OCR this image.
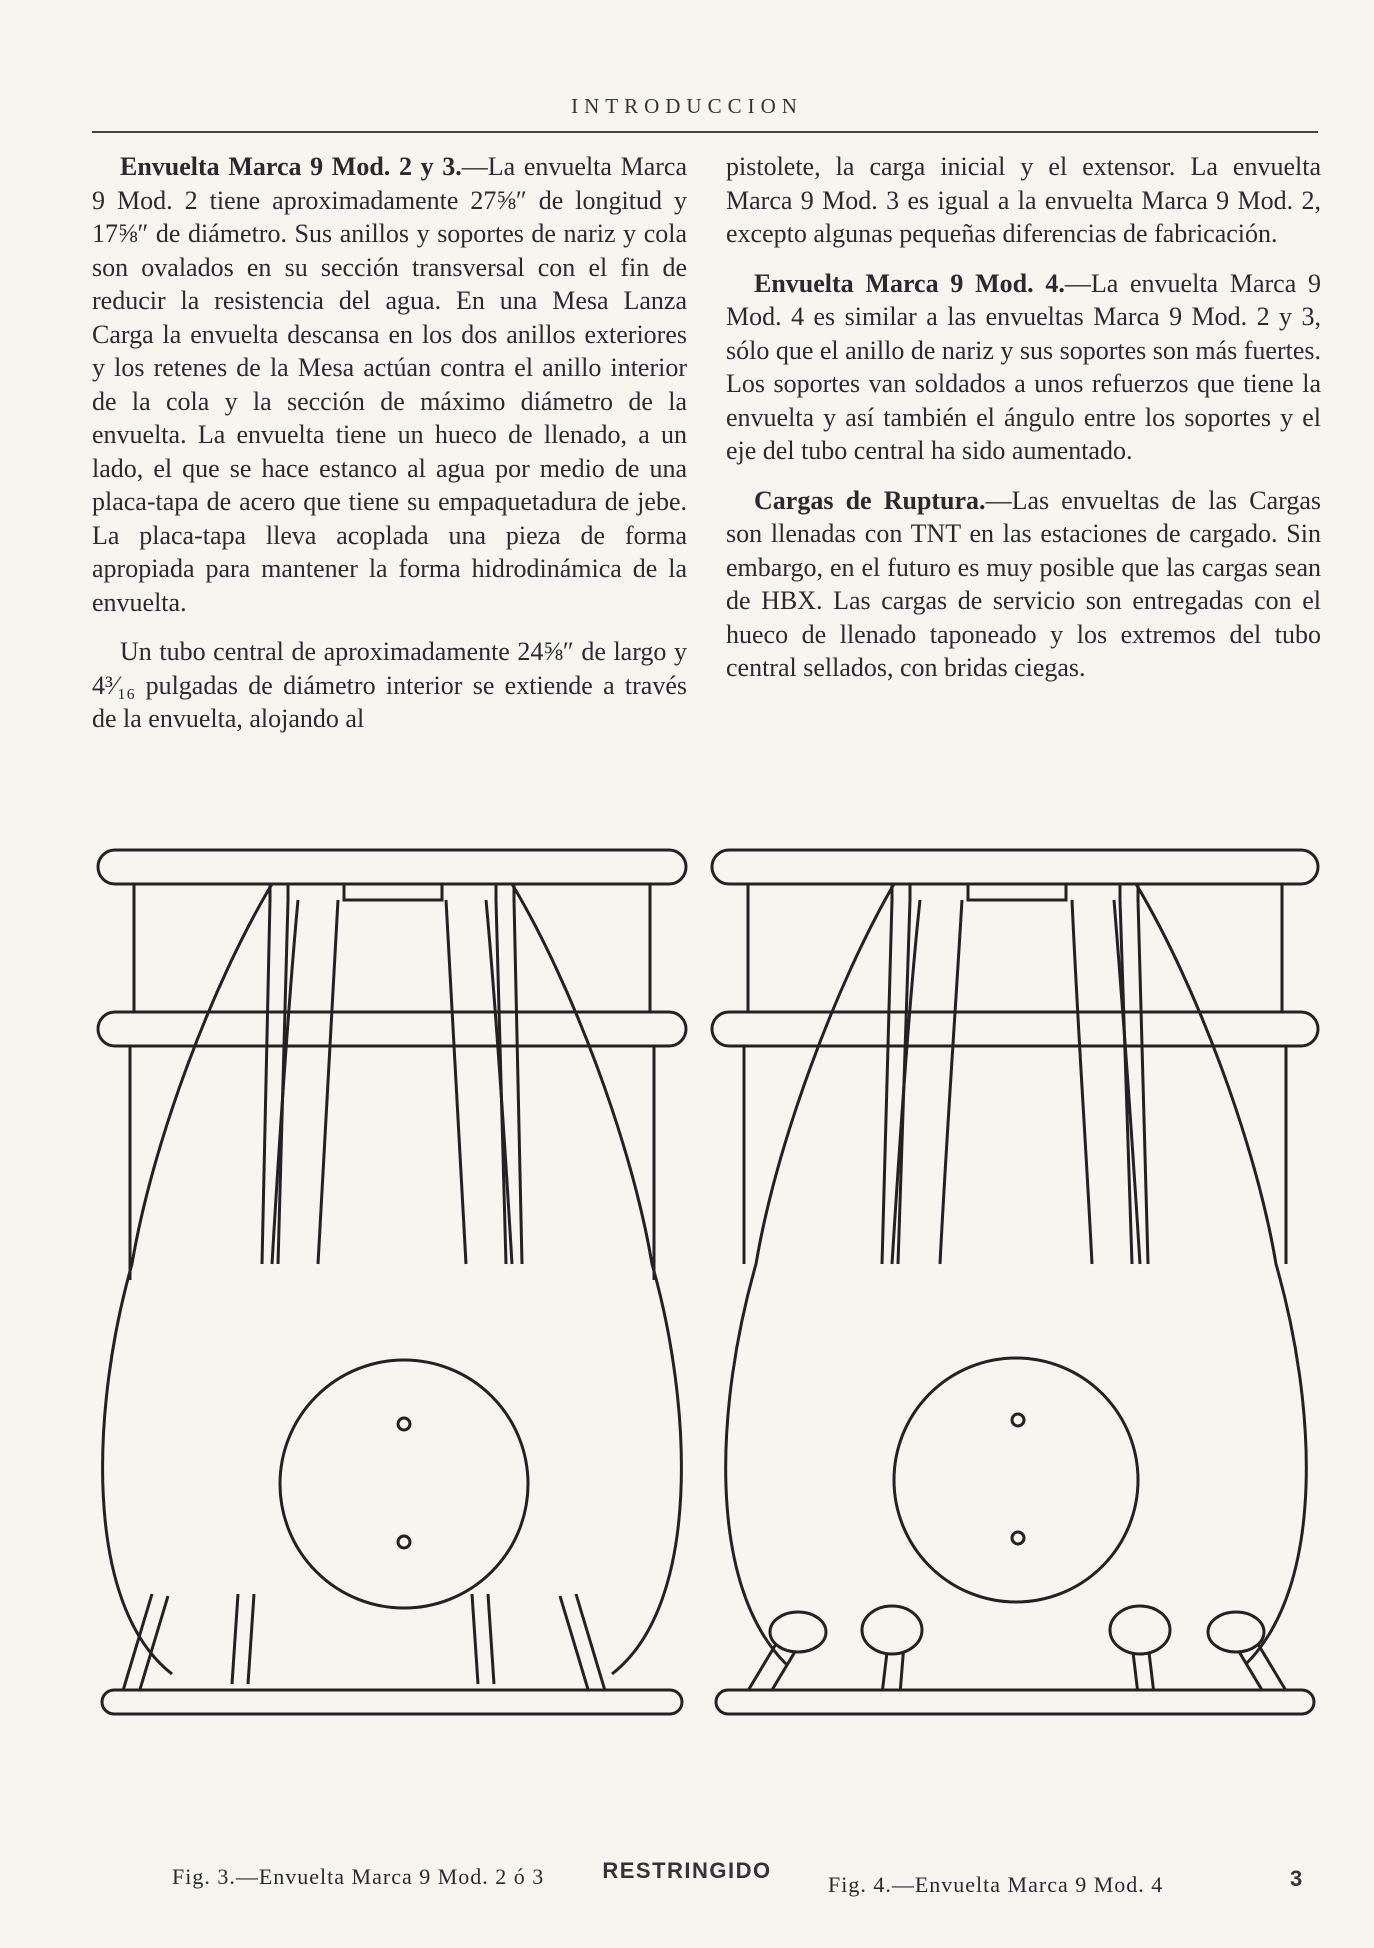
INTRODUCCION

Envuelta Marca 9 Mod. 2 y 3.—La envuelta Marca 9 Mod. 2 tiene aproximadamente 27⅝″ de longitud y 17⅝″ de diámetro. Sus anillos y soportes de nariz y cola son ovalados en su sección transversal con el fin de reducir la resistencia del agua. En una Mesa Lanza Carga la envuelta descansa en los dos anillos exteriores y los retenes de la Mesa actúan contra el anillo interior de la cola y la sección de máximo diámetro de la envuelta. La envuelta tiene un hueco de llenado, a un lado, el que se hace estanco al agua por medio de una placa-tapa de acero que tiene su empaquetadura de jebe. La placa-tapa lleva acoplada una pieza de forma apropiada para mantener la forma hidrodinámica de la envuelta.

Un tubo central de aproximadamente 24⅝″ de largo y 4³⁄₁₆ pulgadas de diámetro interior se extiende a través de la envuelta, alojando al

pistolete, la carga inicial y el extensor. La envuelta Marca 9 Mod. 3 es igual a la envuelta Marca 9 Mod. 2, excepto algunas pequeñas diferencias de fabricación.

Envuelta Marca 9 Mod. 4.—La envuelta Marca 9 Mod. 4 es similar a las envueltas Marca 9 Mod. 2 y 3, sólo que el anillo de nariz y sus soportes son más fuertes. Los soportes van soldados a unos refuerzos que tiene la envuelta y así también el ángulo entre los soportes y el eje del tubo central ha sido aumentado.

Cargas de Ruptura.—Las envueltas de las Cargas son llenadas con TNT en las estaciones de cargado. Sin embargo, en el futuro es muy posible que las cargas sean de HBX. Las cargas de servicio son entregadas con el hueco de llenado taponeado y los extremos del tubo central sellados, con bridas ciegas.

Fig. 3.—Envuelta Marca 9 Mod. 2 ó 3	Fig. 4.—Envuelta Marca 9 Mod. 4
RESTRINGIDO	3
